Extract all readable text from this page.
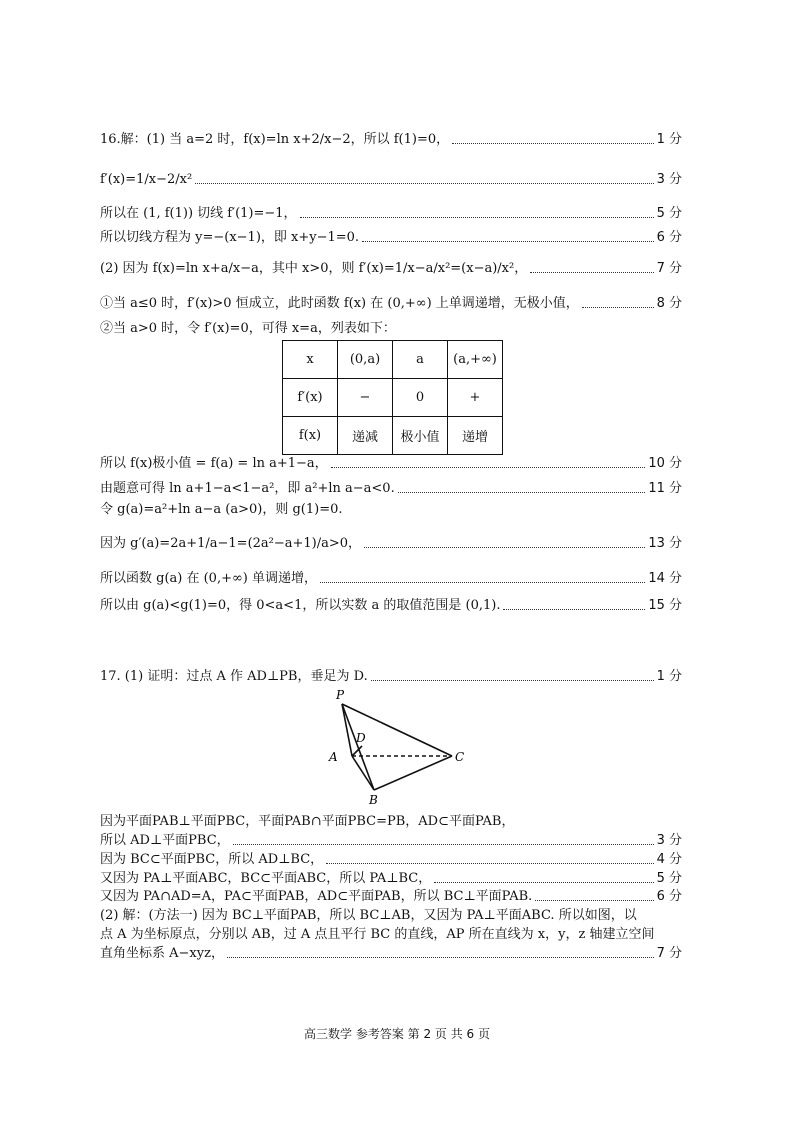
16.解：(1) 当 a=2 时，f(x)=ln x+2/x−2，所以 f(1)=0，	1 分
f′(x)=1/x−2/x²	3 分
所以在 (1, f(1)) 切线 f′(1)=−1，	5 分
所以切线方程为 y=−(x−1)，即 x+y−1=0.	6 分
(2) 因为 f(x)=ln x+a/x−a，其中 x>0，则 f′(x)=1/x−a/x²=(x−a)/x²，	7 分
①当 a≤0 时，f′(x)>0 恒成立，此时函数 f(x) 在 (0,+∞) 上单调递增，无极小值，	8 分
②当 a>0 时，令 f′(x)=0，可得 x=a，列表如下：
x	(0,a)	a	(a,+∞)
f′(x)	−	0	+
f(x)	递减	极小值	递增
所以 f(x)极小值 = f(a) = ln a+1−a，	10 分
由题意可得 ln a+1−a<1−a²，即 a²+ln a−a<0.	11 分
令 g(a)=a²+ln a−a (a>0)，则 g(1)=0.
因为 g′(a)=2a+1/a−1=(2a²−a+1)/a>0，	13 分
所以函数 g(a) 在 (0,+∞) 单调递增，	14 分
所以由 g(a)<g(1)=0，得 0<a<1，所以实数 a 的取值范围是 (0,1).	15 分
17. (1) 证明：过点 A 作 AD⊥PB，垂足为 D.	1 分
P
D
A	C
B
因为平面PAB⊥平面PBC，平面PAB∩平面PBC=PB，AD⊂平面PAB，
所以 AD⊥平面PBC，	3 分
因为 BC⊂平面PBC，所以 AD⊥BC，	4 分
又因为 PA⊥平面ABC，BC⊂平面ABC，所以 PA⊥BC，	5 分
又因为 PA∩AD=A，PA⊂平面PAB，AD⊂平面PAB，所以 BC⊥平面PAB.	6 分
(2) 解：(方法一) 因为 BC⊥平面PAB，所以 BC⊥AB，又因为 PA⊥平面ABC. 所以如图，以
点 A 为坐标原点，分别以 AB，过 A 点且平行 BC 的直线，AP 所在直线为 x，y，z 轴建立空间
直角坐标系 A−xyz，	7 分
高三数学 参考答案 第 2 页 共 6 页
